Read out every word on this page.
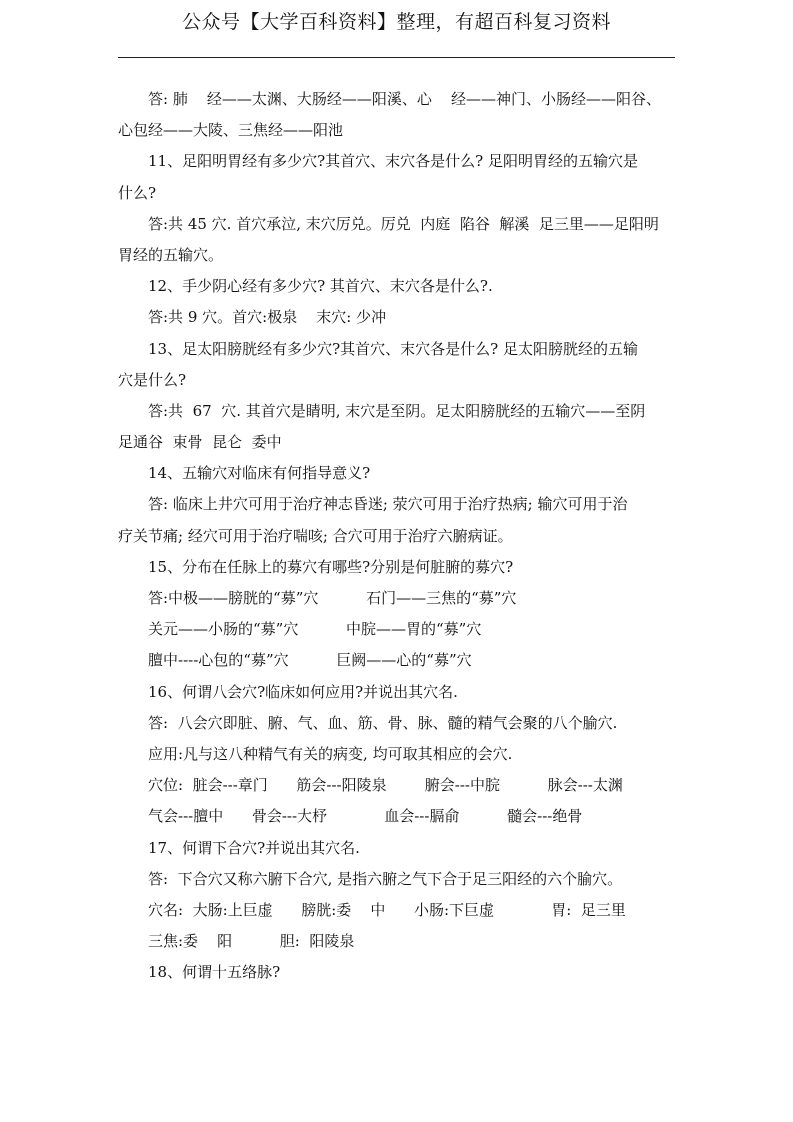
公众号【大学百科资料】整理，有超百科复习资料
答: 肺    经——太渊、大肠经——阳溪、心    经——神门、小肠经——阳谷、
心包经——大陵、三焦经——阳池
11、足阳明胃经有多少穴?其首穴、末穴各是什么? 足阳明胃经的五输穴是
什么?
答:共 45 穴. 首穴承泣, 末穴厉兑。厉兑  内庭  陷谷  解溪  足三里——足阳明
胃经的五输穴。
12、手少阴心经有多少穴? 其首穴、末穴各是什么?.
答:共 9 穴。首穴:极泉    末穴: 少冲
13、足太阳膀胱经有多少穴?其首穴、末穴各是什么? 足太阳膀胱经的五输
穴是什么?
答:共  67  穴. 其首穴是睛明, 末穴是至阴。足太阳膀胱经的五输穴——至阴
足通谷  束骨  昆仑  委中
14、五输穴对临床有何指导意义?
答: 临床上井穴可用于治疗神志昏迷; 荥穴可用于治疗热病; 输穴可用于治
疗关节痛; 经穴可用于治疗喘咳; 合穴可用于治疗六腑病证。
15、分布在任脉上的募穴有哪些?分别是何脏腑的募穴?
答:中极——膀胱的“募”穴          石门——三焦的“募”穴
关元——小肠的“募”穴          中脘——胃的“募”穴
膻中----心包的“募”穴          巨阙——心的“募”穴
16、何谓八会穴?临床如何应用?并说出其穴名.
答:  八会穴即脏、腑、气、血、筋、骨、脉、髓的精气会聚的八个腧穴.
应用:凡与这八种精气有关的病变, 均可取其相应的会穴.
穴位:  脏会---章门      筋会---阳陵泉        腑会---中脘          脉会---太渊
气会---膻中      骨会---大杼            血会---膈俞          髓会---绝骨
17、何谓下合穴?并说出其穴名.
答:  下合穴又称六腑下合穴, 是指六腑之气下合于足三阳经的六个腧穴。
穴名:  大肠:上巨虚      膀胱:委    中      小肠:下巨虚            胃:  足三里
三焦:委    阳          胆:  阳陵泉
18、何谓十五络脉?
